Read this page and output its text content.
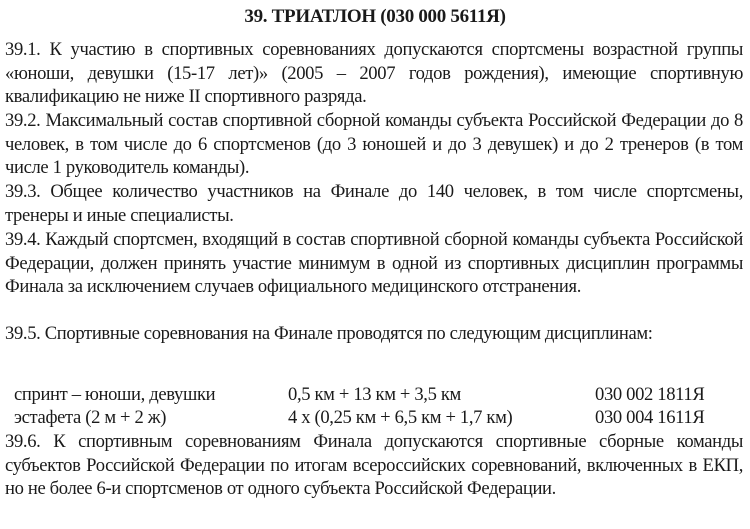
39. ТРИАТЛОН (030 000 5611Я)
39.1. К участию в спортивных соревнованиях допускаются спортсмены возрастной группы «юноши, девушки (15-17 лет)» (2005 – 2007 годов рождения), имеющие спортивную квалификацию не ниже II спортивного разряда.
39.2. Максимальный состав спортивной сборной команды субъекта Российской Федерации до 8 человек, в том числе до 6 спортсменов (до 3 юношей и до 3 девушек) и до 2 тренеров (в том числе 1 руководитель команды).
39.3. Общее количество участников на Финале до 140 человек, в том числе спортсмены, тренеры и иные специалисты.
39.4. Каждый спортсмен, входящий в состав спортивной сборной команды субъекта Российской Федерации, должен принять участие минимум в одной из спортивных дисциплин программы Финала за исключением случаев официального медицинского отстранения.
39.5. Спортивные соревнования на Финале проводятся по следующим дисциплинам:
спринт – юноши, девушки	0,5 км + 13 км + 3,5 км	030 002 1811Я
эстафета (2 м + 2 ж)	4 х (0,25 км + 6,5 км + 1,7 км)	030 004 1611Я
39.6. К спортивным соревнованиям Финала допускаются спортивные сборные команды субъектов Российской Федерации по итогам всероссийских соревнований, включенных в ЕКП, но не более 6-и спортсменов от одного субъекта Российской Федерации.
